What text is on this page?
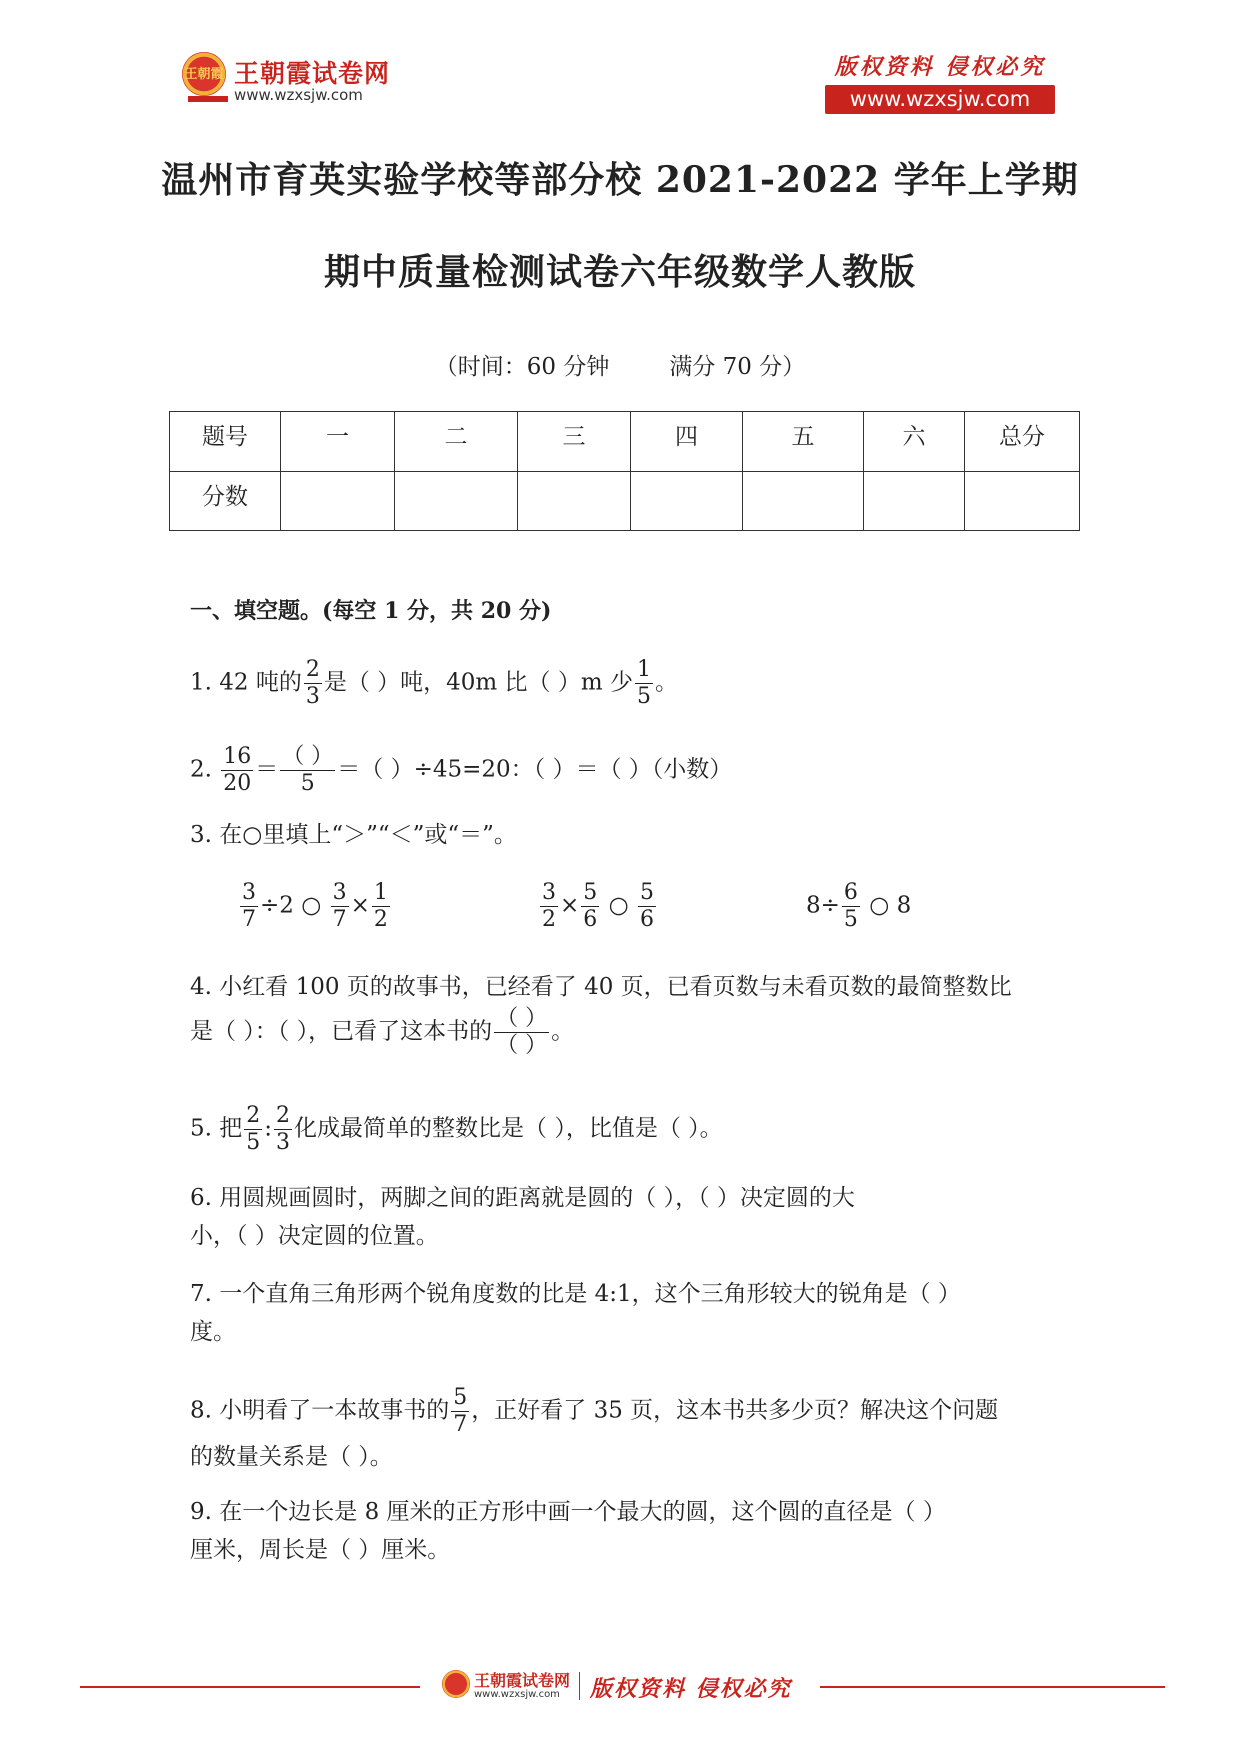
王朝霞 王朝霞试卷网
www.wzxsjw.com
版权资料 侵权必究
www.wzxsjw.com
温州市育英实验学校等部分校 2021-2022 学年上学期
期中质量检测试卷六年级数学人教版
（时间：60 分钟	满分 70 分）
题号	一	二	三	四	五	六	总分
分数							
一、填空题。(每空 1 分，共 20 分)
1. 42 吨的 $\frac{2}{3}$ 是（ ）吨，40m 比（ ）m 少 $\frac{1}{5}$ 。
2. $\frac{16}{20} = \frac{( )}{5}$ ＝（ ）÷45=20：（ ）＝（ ）（小数）
3. 在○里填上“＞”“＜”或“＝”。
$\frac{3}{7} \div 2$ ○ $\frac{3}{7} \times \frac{1}{2}$	$\frac{3}{2} \times \frac{5}{6}$ ○ $\frac{5}{6}$	$8\div \frac{6}{5}$ ○ 8
4. 小红看 100 页的故事书，已经看了 40 页，已看页数与未看页数的最简整数比
是（ ）：（ ），已看了这本书的 $\frac{( )}{( )}$ 。
5. 把 $\frac{2}{5}$ : $\frac{2}{3}$ 化成最简单的整数比是（ ），比值是（ ）。
6. 用圆规画圆时，两脚之间的距离就是圆的（ ），（ ）决定圆的大
小，（ ）决定圆的位置。
7. 一个直角三角形两个锐角度数的比是 4:1，这个三角形较大的锐角是（ ）
度。
8. 小明看了一本故事书的 $\frac{5}{7}$ ，正好看了 35 页，这本书共多少页？解决这个问题
的数量关系是（ ）。
9. 在一个边长是 8 厘米的正方形中画一个最大的圆，这个圆的直径是（ ）
厘米，周长是（ ）厘米。
王朝霞试卷网
www.wzxsjw.com 版权资料 侵权必究
